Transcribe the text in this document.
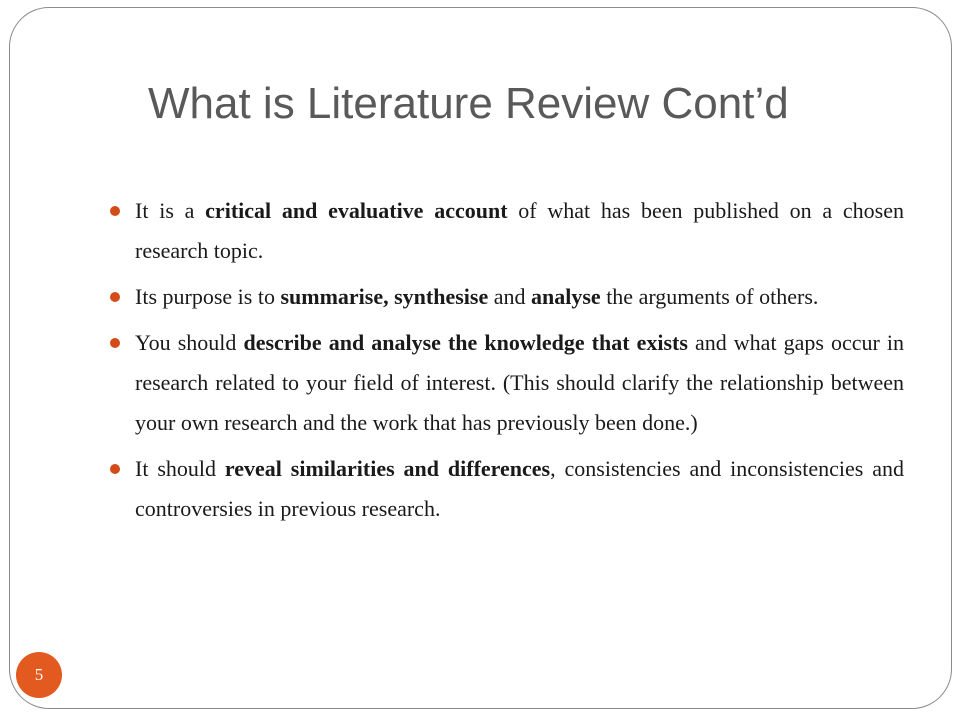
What is Literature Review Cont’d
It is a critical and evaluative account of what has been published on a chosen research topic.
Its purpose is to summarise, synthesise and analyse the arguments of others.
You should describe and analyse the knowledge that exists and what gaps occur in research related to your field of interest. (This should clarify the relationship between your own research and the work that has previously been done.)
It should reveal similarities and differences, consistencies and inconsistencies and controversies in previous research.
5
